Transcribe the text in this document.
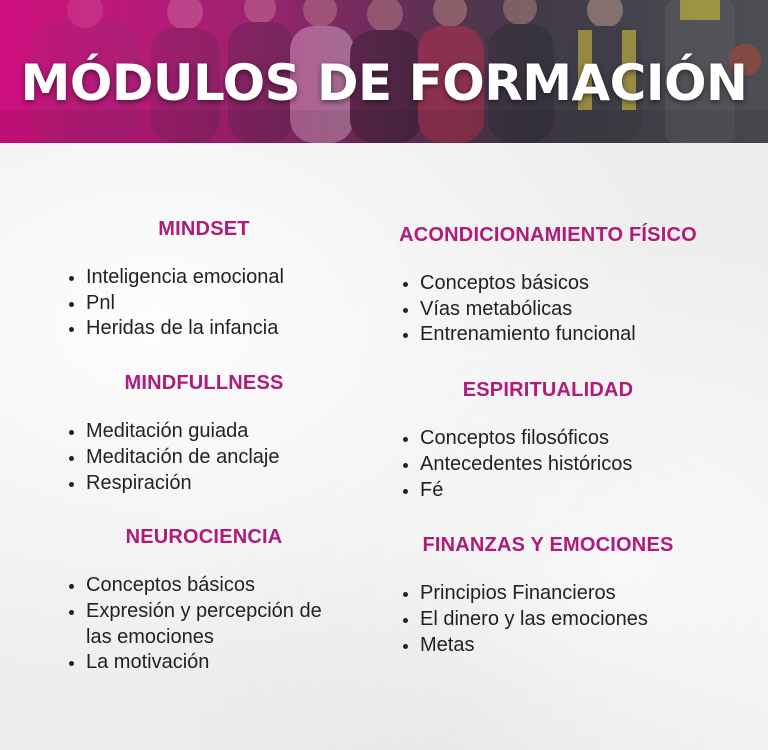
MÓDULOS DE FORMACIÓN
MINDSET
Inteligencia emocional
Pnl
Heridas de la infancia
MINDFULLNESS
Meditación guiada
Meditación de anclaje
Respiración
NEUROCIENCIA
Conceptos básicos
Expresión y percepción de
las emociones
La motivación
ACONDICIONAMIENTO FÍSICO
Conceptos básicos
Vías metabólicas
Entrenamiento funcional
ESPIRITUALIDAD
Conceptos filosóficos
Antecedentes históricos
Fé
FINANZAS Y EMOCIONES
Principios Financieros
El dinero y las emociones
Metas
